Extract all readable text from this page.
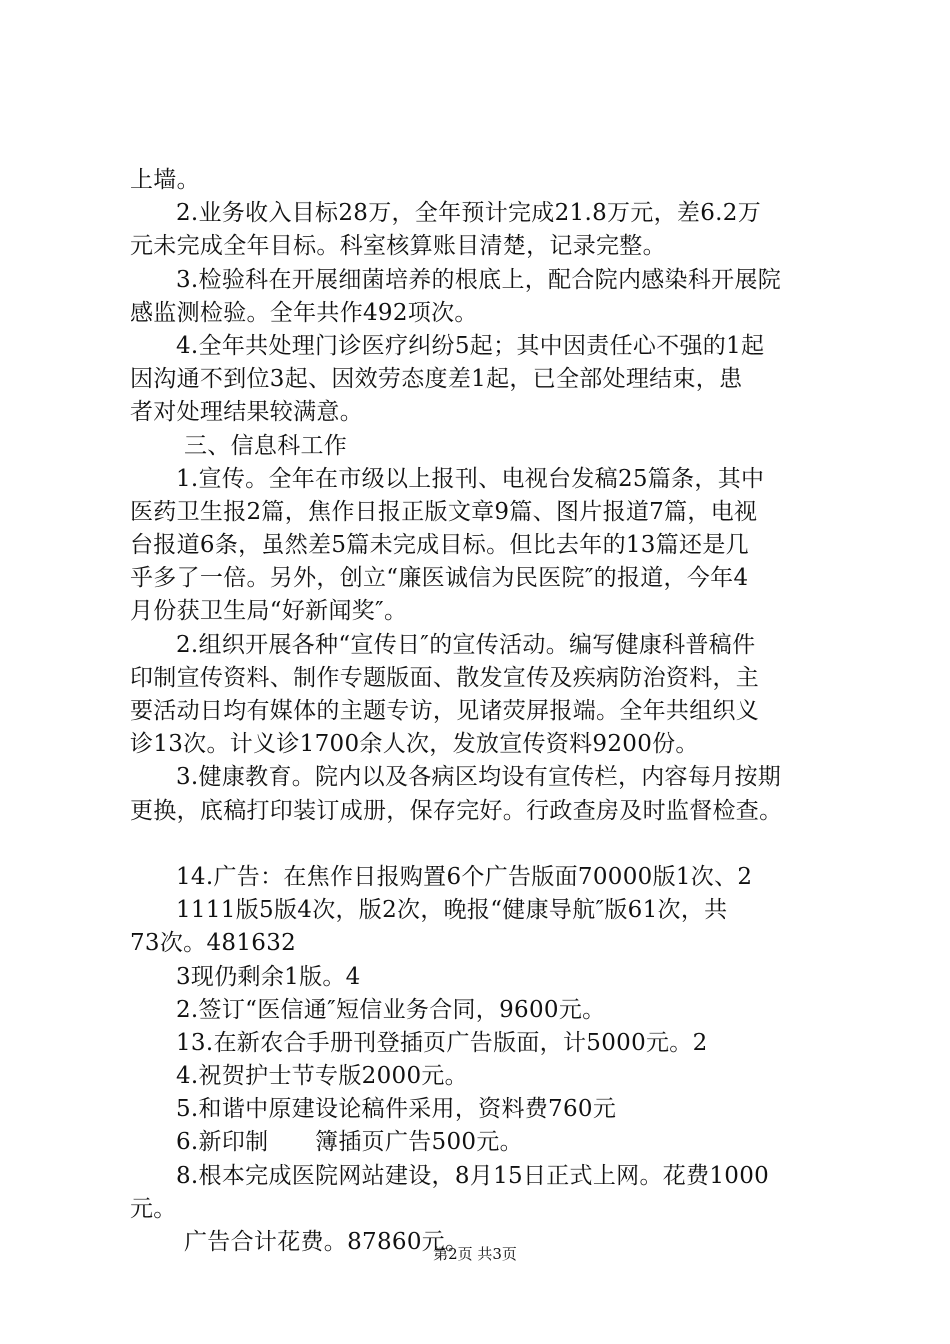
上墙。
2.业务收入目标28万，全年预计完成21.8万元，差6.2万
元未完成全年目标。科室核算账目清楚，记录完整。
3.检验科在开展细菌培养的根底上，配合院内感染科开展院
感监测检验。全年共作492项次。
4.全年共处理门诊医疗纠纷5起；其中因责任心不强的1起
因沟通不到位3起、因效劳态度差1起，已全部处理结束，患
者对处理结果较满意。
三、信息科工作
1.宣传。全年在市级以上报刊、电视台发稿25篇条，其中
医药卫生报2篇，焦作日报正版文章9篇、图片报道7篇，电视
台报道6条，虽然差5篇未完成目标。但比去年的13篇还是几
乎多了一倍。另外，创立“廉医诚信为民医院″的报道，今年4
月份获卫生局“好新闻奖″。
2.组织开展各种“宣传日″的宣传活动。编写健康科普稿件
印制宣传资料、制作专题版面、散发宣传及疾病防治资料，主
要活动日均有媒体的主题专访，见诸荧屏报端。全年共组织义
诊13次。计义诊1700余人次，发放宣传资料9200份。
3.健康教育。院内以及各病区均设有宣传栏，内容每月按期
更换，底稿打印装订成册，保存完好。行政查房及时监督检查。
14.广告：在焦作日报购置6个广告版面70000版1次、2
1111版5版4次，版2次，晚报“健康导航″版61次，共
73次。481632
3现仍剩余1版。4
2.签订“医信通″短信业务合同，9600元。
13.在新农合手册刊登插页广告版面，计5000元。2
4.祝贺护士节专版2000元。
5.和谐中原建设论稿件采用，资料费760元
6.新印制　　簿插页广告500元。
8.根本完成医院网站建设，8月15日正式上网。花费1000
元。
广告合计花费。87860元。
第2页 共3页
